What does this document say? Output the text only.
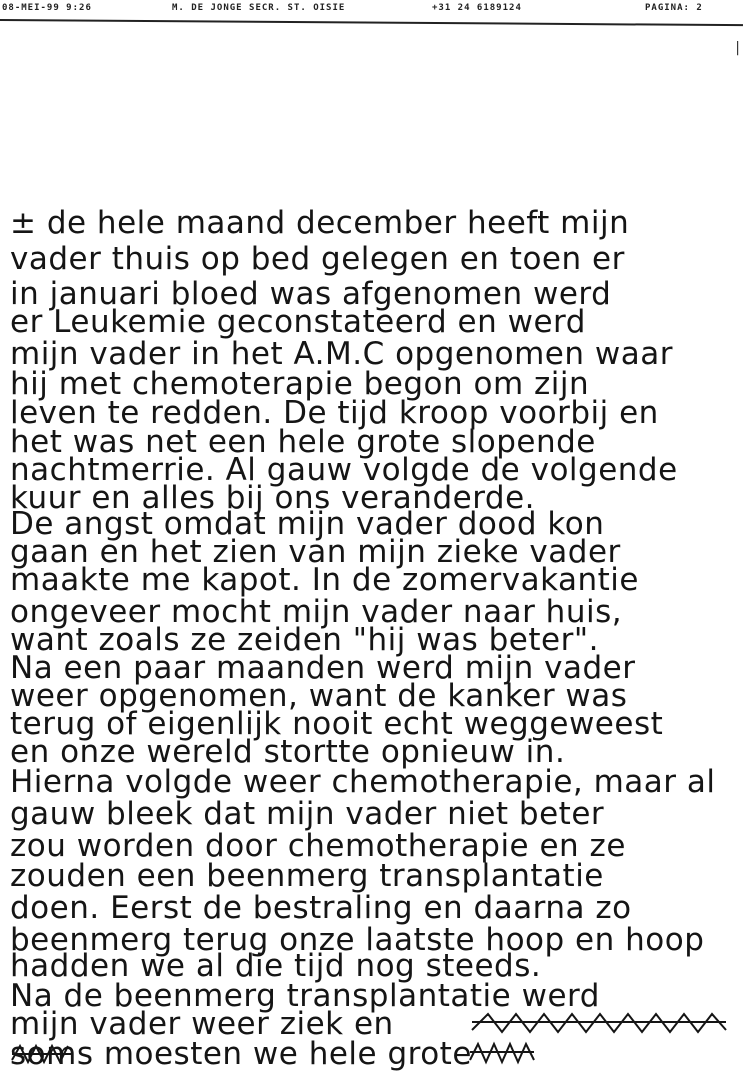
08-MEI-99 9:26	M. DE JONGE SECR. ST. OISIE	+31 24 6189124	PAGINA: 2
|
± de hele maand december heeft mijn
vader thuis op bed gelegen en toen er
in januari bloed was afgenomen werd
er Leukemie geconstateerd en werd
mijn vader in het A.M.C opgenomen waar
hij met chemoterapie begon om zijn
leven te redden. De tijd kroop voorbij en
het was net een hele grote slopende
nachtmerrie. Al gauw volgde de volgende
kuur en alles bij ons veranderde.
De angst omdat mijn vader dood kon
gaan en het zien van mijn zieke vader
maakte me kapot. In de zomervakantie
ongeveer mocht mijn vader naar huis,
want zoals ze zeiden "hij was beter".
Na een paar maanden werd mijn vader
weer opgenomen, want de kanker was
terug of eigenlijk nooit echt weggeweest
en onze wereld stortte opnieuw in.
Hierna volgde weer chemotherapie, maar al
gauw bleek dat mijn vader niet beter
zou worden door chemotherapie en ze
zouden een beenmerg transplantatie
doen. Eerst de bestraling en daarna zo
beenmerg terug onze laatste hoop en hoop
hadden we al die tijd nog steeds.
Na de beenmerg transplantatie werd
mijn vader weer ziek en
soms moesten we hele grote
